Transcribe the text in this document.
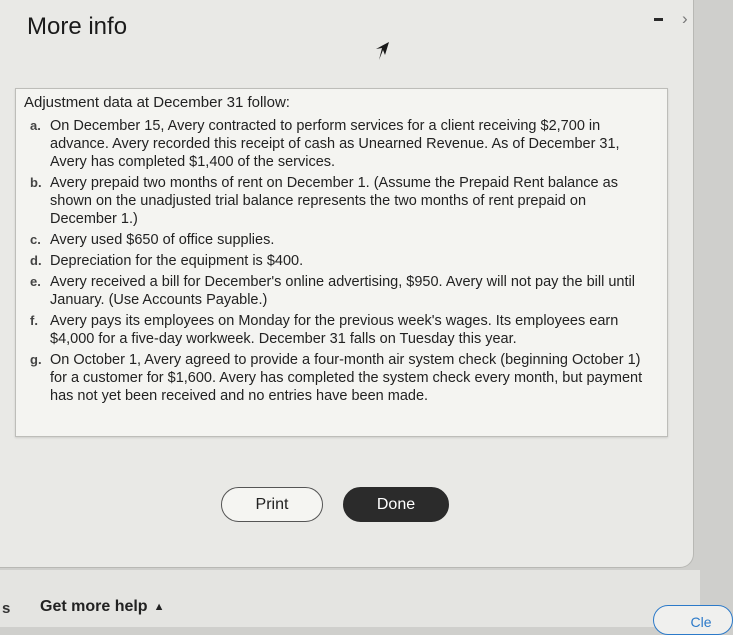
More info	›
Adjustment data at December 31 follow:
a. On December 15, Avery contracted to perform services for a client receiving $2,700 in advance. Avery recorded this receipt of cash as Unearned Revenue. As of December 31, Avery has completed $1,400 of the services.
b. Avery prepaid two months of rent on December 1. (Assume the Prepaid Rent balance as shown on the unadjusted trial balance represents the two months of rent prepaid on December 1.)
c. Avery used $650 of office supplies.
d. Depreciation for the equipment is $400.
e. Avery received a bill for December's online advertising, $950. Avery will not pay the bill until January. (Use Accounts Payable.)
f. Avery pays its employees on Monday for the previous week's wages. Its employees earn $4,000 for a five-day workweek. December 31 falls on Tuesday this year.
g. On October 1, Avery agreed to provide a four-month air system check (beginning October 1) for a customer for $1,600. Avery has completed the system check every month, but payment has not yet been received and no entries have been made.
Print	Done
s Get more help ▲
Cle
